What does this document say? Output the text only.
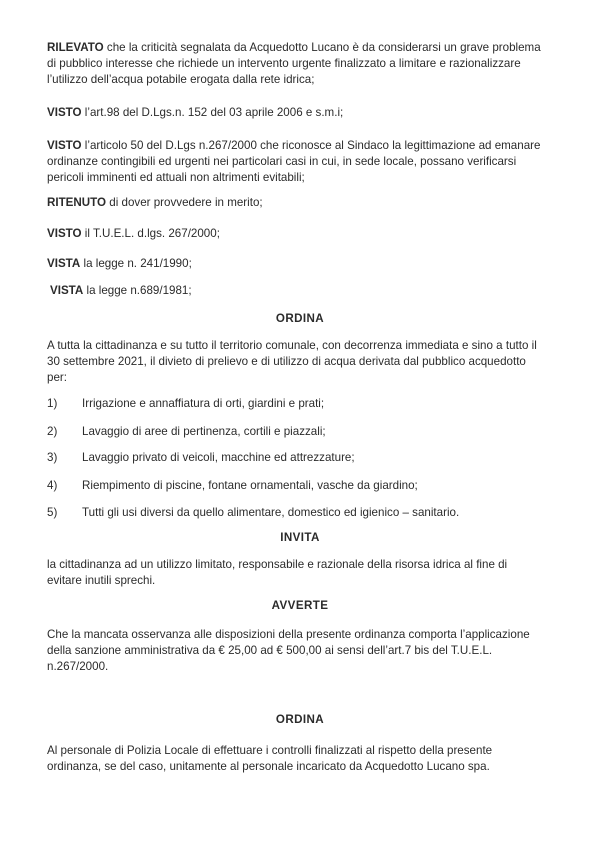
RILEVATO che la criticità segnalata da Acquedotto Lucano è da considerarsi un grave problema
di pubblico interesse che richiede un intervento urgente finalizzato a limitare e razionalizzare
l’utilizzo dell’acqua potabile erogata dalla rete idrica;

VISTO l’art.98 del D.Lgs.n. 152 del 03 aprile 2006 e s.m.i;

VISTO l’articolo 50 del D.Lgs n.267/2000 che riconosce al Sindaco la legittimazione ad emanare
ordinanze contingibili ed urgenti nei particolari casi in cui, in sede locale, possano verificarsi
pericoli imminenti ed attuali non altrimenti evitabili;

RITENUTO di dover provvedere in merito;

VISTO il T.U.E.L. d.lgs. 267/2000;

VISTA la legge n. 241/1990;

VISTA la legge n.689/1981;

ORDINA

A tutta la cittadinanza e su tutto il territorio comunale, con decorrenza immediata e sino a tutto il
30 settembre 2021, il divieto di prelievo e di utilizzo di acqua derivata dal pubblico acquedotto
per:

1) Irrigazione e annaffiatura di orti, giardini e prati;

2) Lavaggio di aree di pertinenza, cortili e piazzali;

3) Lavaggio privato di veicoli, macchine ed attrezzature;

4) Riempimento di piscine, fontane ornamentali, vasche da giardino;

5) Tutti gli usi diversi da quello alimentare, domestico ed igienico – sanitario.

INVITA

la cittadinanza ad un utilizzo limitato, responsabile e razionale della risorsa idrica al fine di
evitare inutili sprechi.

AVVERTE

Che la mancata osservanza alle disposizioni della presente ordinanza comporta l’applicazione
della sanzione amministrativa da € 25,00 ad € 500,00 ai sensi dell’art.7 bis del T.U.E.L.
n.267/2000.

ORDINA

Al personale di Polizia Locale di effettuare i controlli finalizzati al rispetto della presente
ordinanza, se del caso, unitamente al personale incaricato da Acquedotto Lucano spa.
